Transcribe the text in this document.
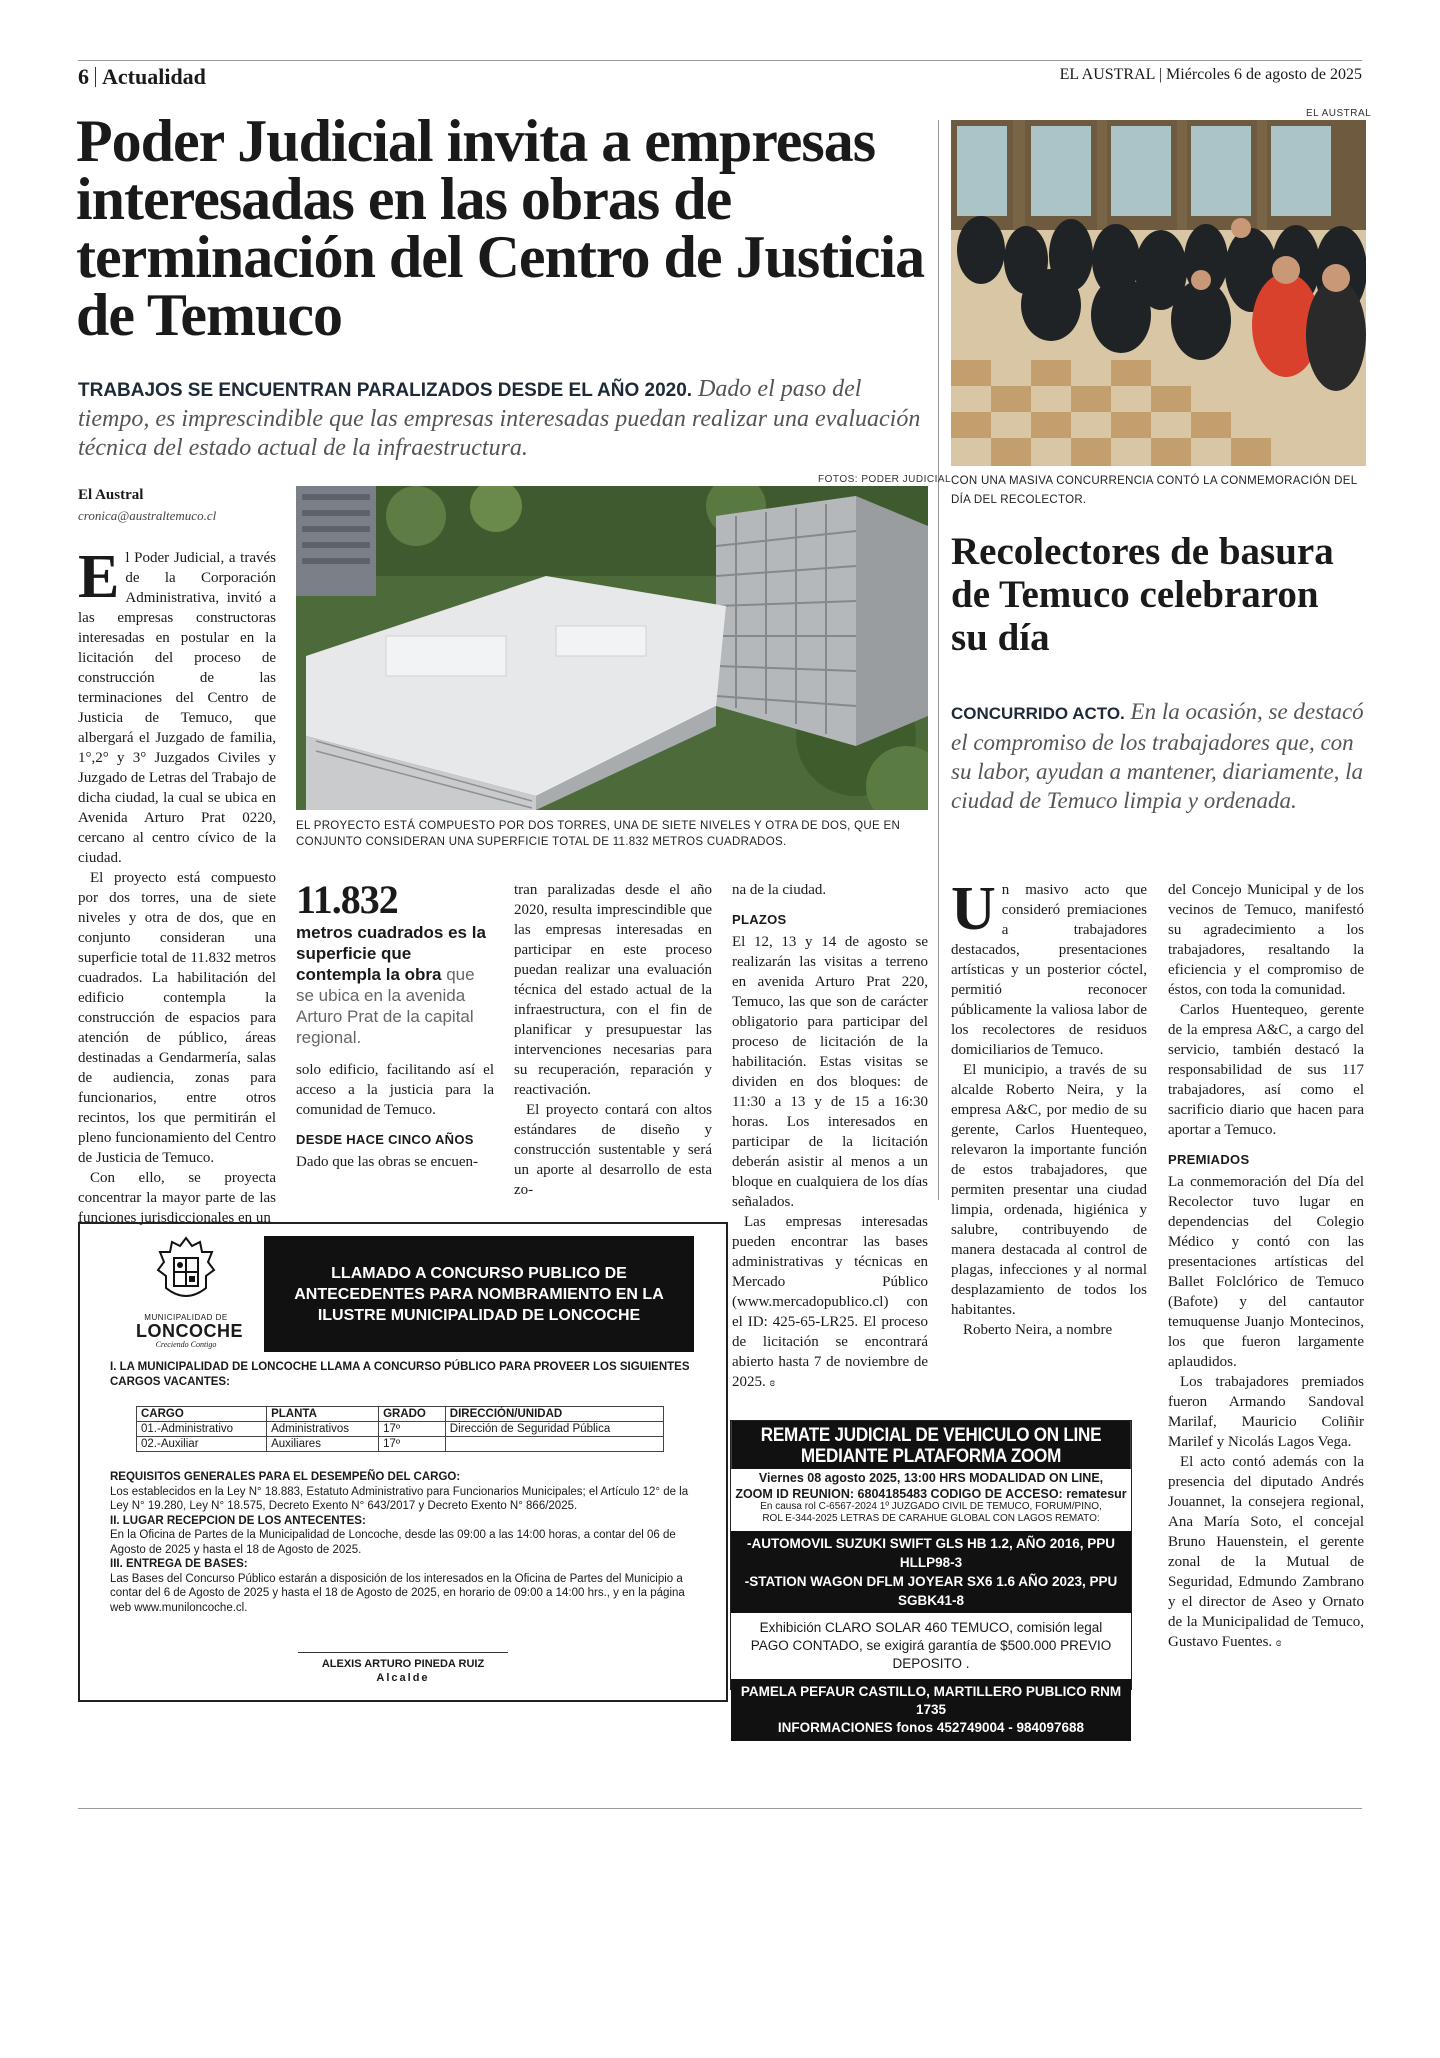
6 Actualidad	EL AUSTRAL | Miércoles 6 de agosto de 2025
Poder Judicial invita a empresas interesadas en las obras de terminación del Centro de Justicia de Temuco
TRABAJOS SE ENCUENTRAN PARALIZADOS DESDE EL AÑO 2020. Dado el paso del tiempo, es imprescindible que las empresas interesadas puedan realizar una evaluación técnica del estado actual de la infraestructura.
El Austral
cronica@australtemuco.cl
FOTOS: PODER JUDICIAL
EL PROYECTO ESTÁ COMPUESTO POR DOS TORRES, UNA DE SIETE NIVELES Y OTRA DE DOS, QUE EN CONJUNTO CONSIDERAN UNA SUPERFICIE TOTAL DE 11.832 METROS CUADRADOS.
E l Poder Judicial, a través de la Corporación Administrativa, invitó a las empresas constructoras interesadas en postular en la licitación del proceso de construcción de las terminaciones del Centro de Justicia de Temuco, que albergará el Juzgado de familia, 1°,2° y 3° Juzgados Civiles y Juzgado de Letras del Trabajo de dicha ciudad, la cual se ubica en Avenida Arturo Prat 0220, cercano al centro cívico de la ciudad.

El proyecto está compuesto por dos torres, una de siete niveles y otra de dos, que en conjunto consideran una superficie total de 11.832 metros cuadrados. La habilitación del edificio contempla la construcción de espacios para atención de público, áreas destinadas a Gendarmería, salas de audiencia, zonas para funcionarios, entre otros recintos, los que permitirán el pleno funcionamiento del Centro de Justicia de Temuco.

Con ello, se proyecta concentrar la mayor parte de las funciones jurisdiccionales en un

11.832
metros cuadrados es la superficie que contempla la obra que se ubica en la avenida Arturo Prat de la capital regional.

solo edificio, facilitando así el acceso a la justicia para la comunidad de Temuco.

DESDE HACE CINCO AÑOS

Dado que las obras se encuen-

tran paralizadas desde el año 2020, resulta imprescindible que las empresas interesadas en participar en este proceso puedan realizar una evaluación técnica del estado actual de la infraestructura, con el fin de planificar y presupuestar las intervenciones necesarias para su recuperación, reparación y reactivación.

El proyecto contará con altos estándares de diseño y construcción sustentable y será un aporte al desarrollo de esta zo-

na de la ciudad.

PLAZOS

El 12, 13 y 14 de agosto se realizarán las visitas a terreno en avenida Arturo Prat 220, Temuco, las que son de carácter obligatorio para participar del proceso de licitación de la habilitación. Estas visitas se dividen en dos bloques: de 11:30 a 13 y de 15 a 16:30 horas. Los interesados en participar de la licitación deberán asistir al menos a un bloque en cualquiera de los días señalados.

Las empresas interesadas pueden encontrar las bases administrativas y técnicas en Mercado Público (www.mercadopublico.cl) con el ID: 425-65-LR25. El proceso de licitación se encontrará abierto hasta 7 de noviembre de 2025. ɞ

EL AUSTRAL
CON UNA MASIVA CONCURRENCIA CONTÓ LA CONMEMORACIÓN DEL DÍA DEL RECOLECTOR.
Recolectores de basura de Temuco celebraron su día
CONCURRIDO ACTO. En la ocasión, se destacó el compromiso de los trabajadores que, con su labor, ayudan a mantener, diariamente, la ciudad de Temuco limpia y ordenada.
U n masivo acto que consideró premiaciones a trabajadores destacados, presentaciones artísticas y un posterior cóctel, permitió reconocer públicamente la valiosa labor de los recolectores de residuos domiciliarios de Temuco.

El municipio, a través de su alcalde Roberto Neira, y la empresa A&C, por medio de su gerente, Carlos Huentequeo, relevaron la importante función de estos trabajadores, que permiten presentar una ciudad limpia, ordenada, higiénica y salubre, contribuyendo de manera destacada al control de plagas, infecciones y al normal desplazamiento de todos los habitantes.

Roberto Neira, a nombre

del Concejo Municipal y de los vecinos de Temuco, manifestó su agradecimiento a los trabajadores, resaltando la eficiencia y el compromiso de éstos, con toda la comunidad.

Carlos Huentequeo, gerente de la empresa A&C, a cargo del servicio, también destacó la responsabilidad de sus 117 trabajadores, así como el sacrificio diario que hacen para aportar a Temuco.

PREMIADOS

La conmemoración del Día del Recolector tuvo lugar en dependencias del Colegio Médico y contó con las presentaciones artísticas del Ballet Folclórico de Temuco (Bafote) y del cantautor temuquense Juanjo Montecinos, los que fueron largamente aplaudidos.

Los trabajadores premiados fueron Armando Sandoval Marilaf, Mauricio Coliñir Marilef y Nicolás Lagos Vega.

El acto contó además con la presencia del diputado Andrés Jouannet, la consejera regional, Ana María Soto, el concejal Bruno Hauenstein, el gerente zonal de la Mutual de Seguridad, Edmundo Zambrano y el director de Aseo y Ornato de la Municipalidad de Temuco, Gustavo Fuentes. ɞ

MUNICIPALIDAD DE
LONCOCHE
Creciendo Contigo
LLAMADO A CONCURSO PUBLICO DE ANTECEDENTES PARA NOMBRAMIENTO EN LA ILUSTRE MUNICIPALIDAD DE LONCOCHE
I. LA MUNICIPALIDAD DE LONCOCHE LLAMA A CONCURSO PÚBLICO PARA PROVEER LOS SIGUIENTES CARGOS VACANTES:
CARGO	PLANTA	GRADO	DIRECCIÓN/UNIDAD
01.-Administrativo	Administrativos	17º	Dirección de Seguridad Pública
02.-Auxiliar	Auxiliares	17º	
REQUISITOS GENERALES PARA EL DESEMPEÑO DEL CARGO:
Los establecidos en la Ley N° 18.883, Estatuto Administrativo para Funcionarios Municipales; el Artículo 12° de la Ley N° 19.280, Ley N° 18.575, Decreto Exento N° 643/2017 y Decreto Exento N° 866/2025.
II. LUGAR RECEPCION DE LOS ANTECENTES:
En la Oficina de Partes de la Municipalidad de Loncoche, desde las 09:00 a las 14:00 horas, a contar del 06 de Agosto de 2025 y hasta el 18 de Agosto de 2025.
III. ENTREGA DE BASES:
Las Bases del Concurso Público estarán a disposición de los interesados en la Oficina de Partes del Municipio a contar del 6 de Agosto de 2025 y hasta el 18 de Agosto de 2025, en horario de 09:00 a 14:00 hrs., y en la página web www.muniloncoche.cl.
ALEXIS ARTURO PINEDA RUIZ
Alcalde
REMATE JUDICIAL DE VEHICULO ON LINE MEDIANTE PLATAFORMA ZOOM
Viernes 08 agosto 2025, 13:00 HRS MODALIDAD ON LINE,
ZOOM ID REUNION: 6804185483 CODIGO DE ACCESO: rematesur
En causa rol C-6567-2024 1º JUZGADO CIVIL DE TEMUCO, FORUM/PINO,
ROL E-344-2025 LETRAS DE CARAHUE GLOBAL CON LAGOS REMATO:
-AUTOMOVIL SUZUKI SWIFT GLS HB 1.2, AÑO 2016, PPU HLLP98-3
-STATION WAGON DFLM JOYEAR SX6 1.6 AÑO 2023, PPU SGBK41-8
Exhibición CLARO SOLAR 460 TEMUCO, comisión legal PAGO CONTADO, se exigirá garantía de $500.000 PREVIO DEPOSITO .
PAMELA PEFAUR CASTILLO, MARTILLERO PUBLICO RNM 1735
INFORMACIONES fonos 452749004 - 984097688
